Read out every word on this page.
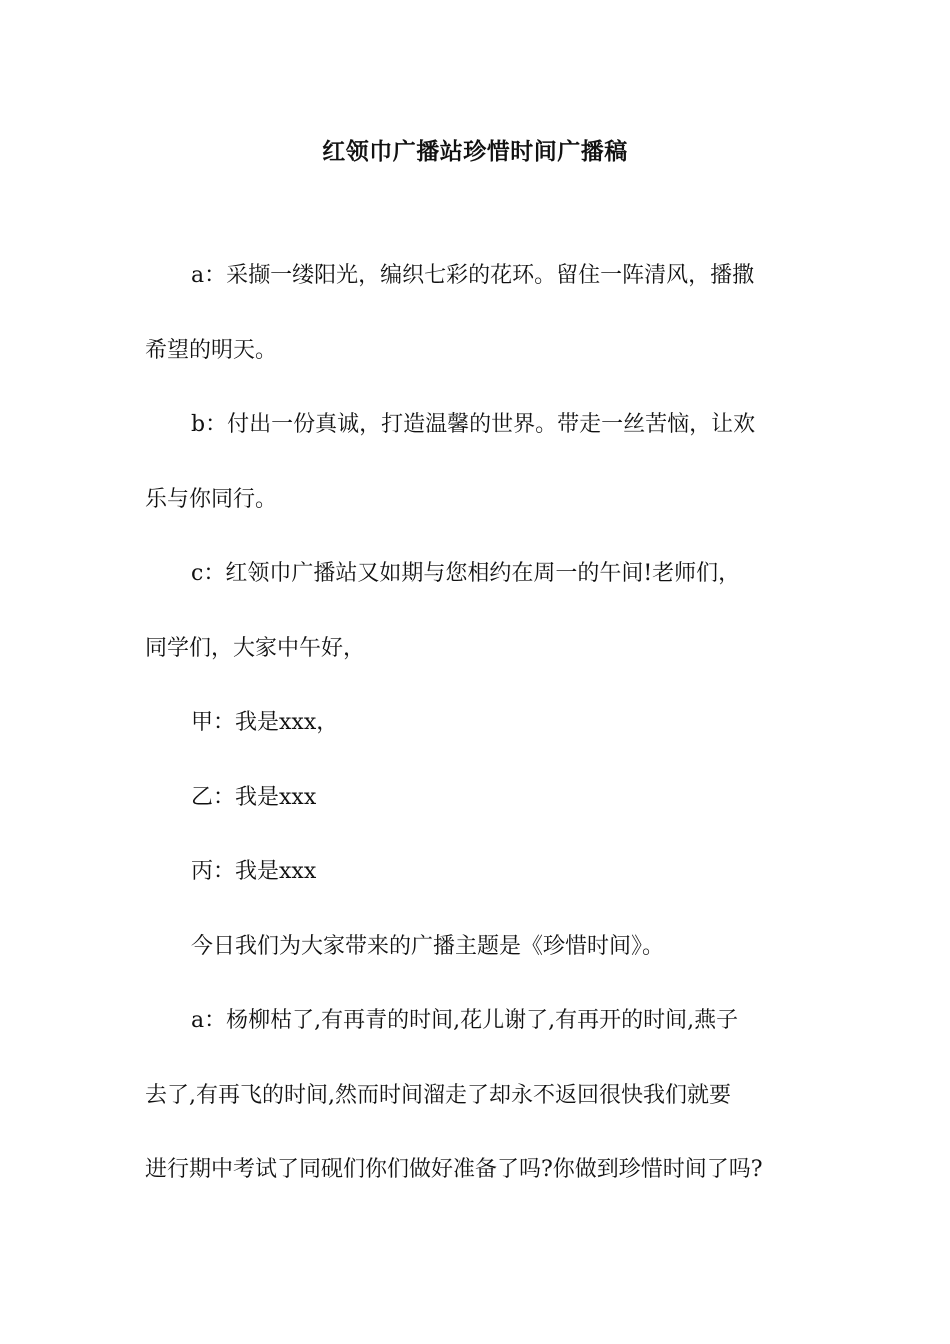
红领巾广播站珍惜时间广播稿
a：采撷一缕阳光，编织七彩的花环。留住一阵清风，播撒
希望的明天。
b：付出一份真诚，打造温馨的世界。带走一丝苦恼，让欢
乐与你同行。
c：红领巾广播站又如期与您相约在周一的午间!老师们，
同学们，大家中午好，
甲：我是xxx，
乙：我是xxx
丙：我是xxx
今日我们为大家带来的广播主题是《珍惜时间》。
a：杨柳枯了,有再青的时间,花儿谢了,有再开的时间,燕子
去了,有再飞的时间,然而时间溜走了却永不返回很快我们就要
进行期中考试了同砚们你们做好准备了吗?你做到珍惜时间了吗?
